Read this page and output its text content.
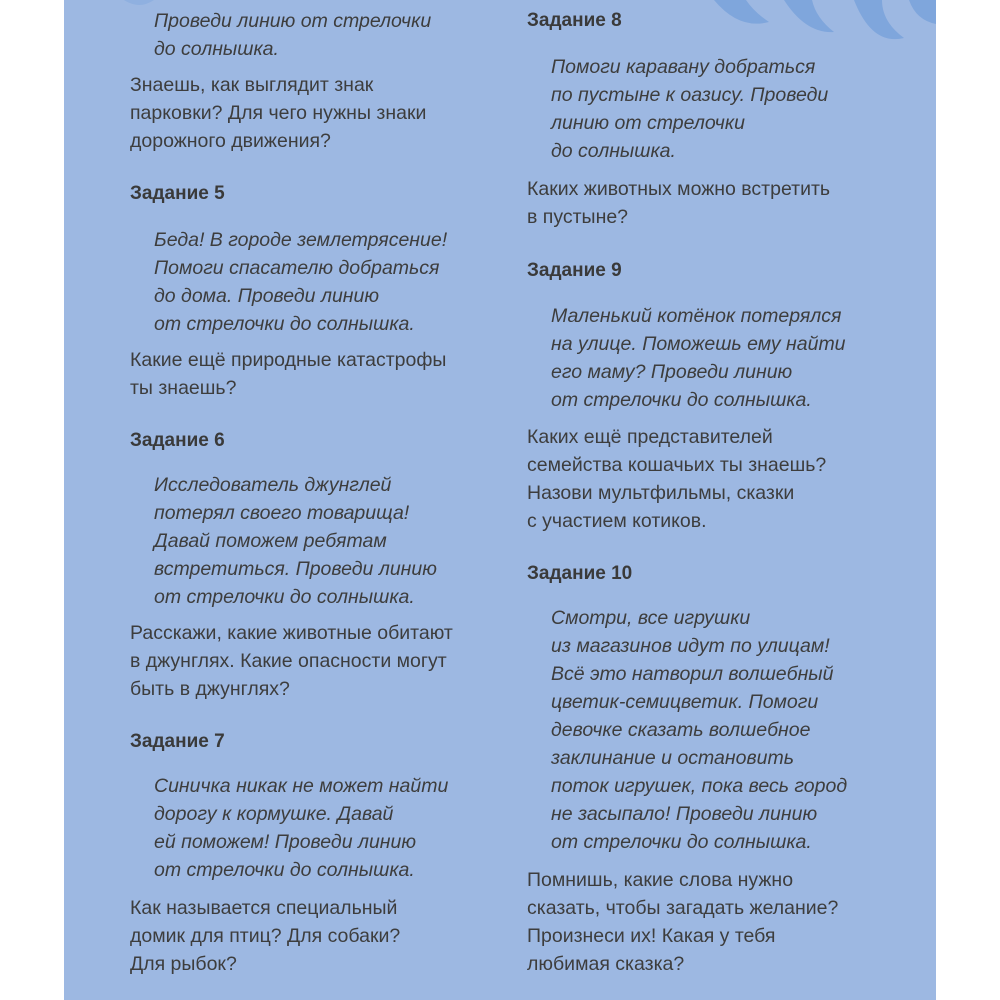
Проведи линию от стрелочки
до солнышка.
Знаешь, как выглядит знак
парковки? Для чего нужны знаки
дорожного движения?
Задание 5
Беда! В городе землетрясение!
Помоги спасателю добраться
до дома. Проведи линию
от стрелочки до солнышка.
Какие ещё природные катастрофы
ты знаешь?
Задание 6
Исследователь джунглей
потерял своего товарища!
Давай поможем ребятам
встретиться. Проведи линию
от стрелочки до солнышка.
Расскажи, какие животные обитают
в джунглях. Какие опасности могут
быть в джунглях?
Задание 7
Синичка никак не может найти
дорогу к кормушке. Давай
ей поможем! Проведи линию
от стрелочки до солнышка.
Как называется специальный
домик для птиц? Для собаки?
Для рыбок?
Задание 8
Помоги каравану добраться
по пустыне к оазису. Проведи
линию от стрелочки
до солнышка.
Каких животных можно встретить
в пустыне?
Задание 9
Маленький котёнок потерялся
на улице. Поможешь ему найти
его маму? Проведи линию
от стрелочки до солнышка.
Каких ещё представителей
семейства кошачьих ты знаешь?
Назови мультфильмы, сказки
с участием котиков.
Задание 10
Смотри, все игрушки
из магазинов идут по улицам!
Всё это натворил волшебный
цветик-семицветик. Помоги
девочке сказать волшебное
заклинание и остановить
поток игрушек, пока весь город
не засыпало! Проведи линию
от стрелочки до солнышка.
Помнишь, какие слова нужно
сказать, чтобы загадать желание?
Произнеси их! Какая у тебя
любимая сказка?
